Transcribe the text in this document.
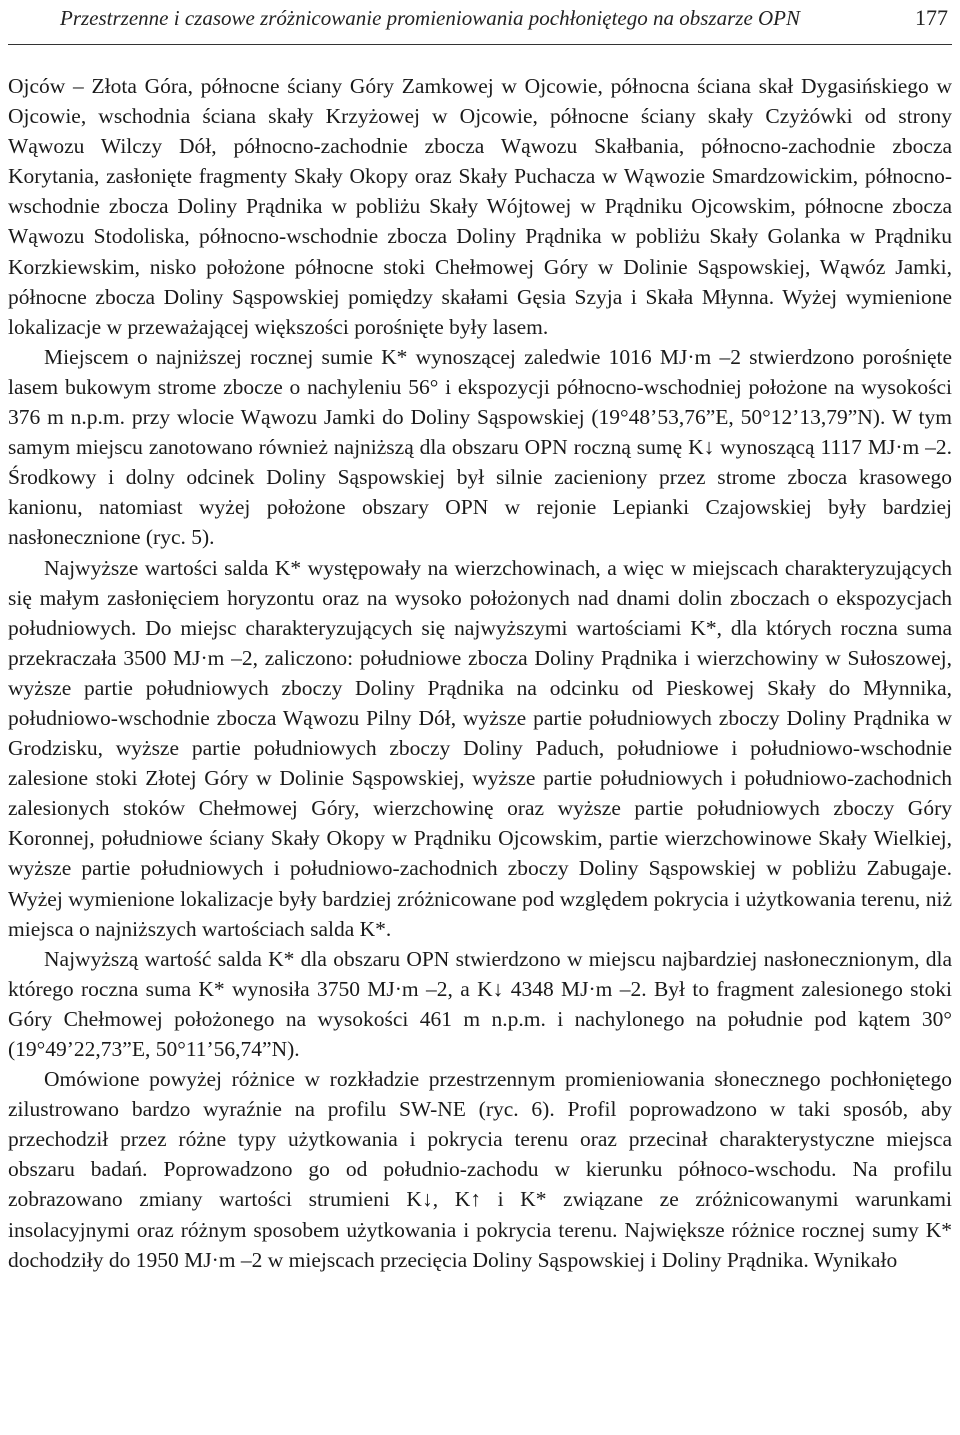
Przestrzenne i czasowe zróżnicowanie promieniowania pochłoniętego na obszarze OPN	177

Ojców – Złota Góra, północne ściany Góry Zamkowej w Ojcowie, północna ściana skał Dygasińskiego w Ojcowie, wschodnia ściana skały Krzyżowej w Ojcowie, północne ściany skały Czyżówki od strony Wąwozu Wilczy Dół, północno-zachodnie zbocza Wąwozu Skałbania, północno-zachodnie zbocza Korytania, zasłonięte fragmenty Skały Okopy oraz Skały Puchacza w Wąwozie Smardzowickim, północno-wschodnie zbocza Doliny Prądnika w pobliżu Skały Wójtowej w Prądniku Ojcowskim, północne zbocza Wąwozu Stodoliska, północno-wschodnie zbocza Doliny Prądnika w pobliżu Skały Golanka w Prądniku Korzkiewskim, nisko położone północne stoki Chełmowej Góry w Dolinie Sąspowskiej, Wąwóz Jamki, północne zbocza Doliny Sąspowskiej pomiędzy skałami Gęsia Szyja i Skała Młynna. Wyżej wymienione lokalizacje w przeważającej większości porośnięte były lasem.

Miejscem o najniższej rocznej sumie K* wynoszącej zaledwie 1016 MJ·m –2 stwierdzono porośnięte lasem bukowym strome zbocze o nachyleniu 56° i ekspozycji północno-wschodniej położone na wysokości 376 m n.p.m. przy wlocie Wąwozu Jamki do Doliny Sąspowskiej (19°48’53,76”E, 50°12’13,79”N). W tym samym miejscu zanotowano również najniższą dla obszaru OPN roczną sumę K↓ wynoszącą 1117 MJ·m –2. Środkowy i dolny odcinek Doliny Sąspowskiej był silnie zacieniony przez strome zbocza krasowego kanionu, natomiast wyżej położone obszary OPN w rejonie Lepianki Czajowskiej były bardziej nasłonecznione (ryc. 5).

Najwyższe wartości salda K* występowały na wierzchowinach, a więc w miejscach charakteryzujących się małym zasłonięciem horyzontu oraz na wysoko położonych nad dnami dolin zboczach o ekspozycjach południowych. Do miejsc charakteryzujących się najwyższymi wartościami K*, dla których roczna suma przekraczała 3500 MJ·m –2, zaliczono: południowe zbocza Doliny Prądnika i wierzchowiny w Sułoszowej, wyższe partie południowych zboczy Doliny Prądnika na odcinku od Pieskowej Skały do Młynnika, południowo-wschodnie zbocza Wąwozu Pilny Dół, wyższe partie południowych zboczy Doliny Prądnika w Grodzisku, wyższe partie południowych zboczy Doliny Paduch, południowe i południowo-wschodnie zalesione stoki Złotej Góry w Dolinie Sąspowskiej, wyższe partie południowych i południowo-zachodnich zalesionych stoków Chełmowej Góry, wierzchowinę oraz wyższe partie południowych zboczy Góry Koronnej, południowe ściany Skały Okopy w Prądniku Ojcowskim, partie wierzchowinowe Skały Wielkiej, wyższe partie południowych i południowo-zachodnich zboczy Doliny Sąspowskiej w pobliżu Zabugaje. Wyżej wymienione lokalizacje były bardziej zróżnicowane pod względem pokrycia i użytkowania terenu, niż miejsca o najniższych wartościach salda K*.

Najwyższą wartość salda K* dla obszaru OPN stwierdzono w miejscu najbardziej nasłonecznionym, dla którego roczna suma K* wynosiła 3750 MJ·m –2, a K↓ 4348 MJ·m –2. Był to fragment zalesionego stoki Góry Chełmowej położonego na wysokości 461 m n.p.m. i nachylonego na południe pod kątem 30° (19°49’22,73”E, 50°11’56,74”N).

Omówione powyżej różnice w rozkładzie przestrzennym promieniowania słonecznego pochłoniętego zilustrowano bardzo wyraźnie na profilu SW-NE (ryc. 6). Profil poprowadzono w taki sposób, aby przechodził przez różne typy użytkowania i pokrycia terenu oraz przecinał charakterystyczne miejsca obszaru badań. Poprowadzono go od południo-zachodu w kierunku północo-wschodu. Na profilu zobrazowano zmiany wartości strumieni K↓, K↑ i K* związane ze zróżnicowanymi warunkami insolacyjnymi oraz różnym sposobem użytkowania i pokrycia terenu. Największe różnice rocznej sumy K* dochodziły do 1950 MJ·m –2 w miejscach przecięcia Doliny Sąspowskiej i Doliny Prądnika. Wynikało
